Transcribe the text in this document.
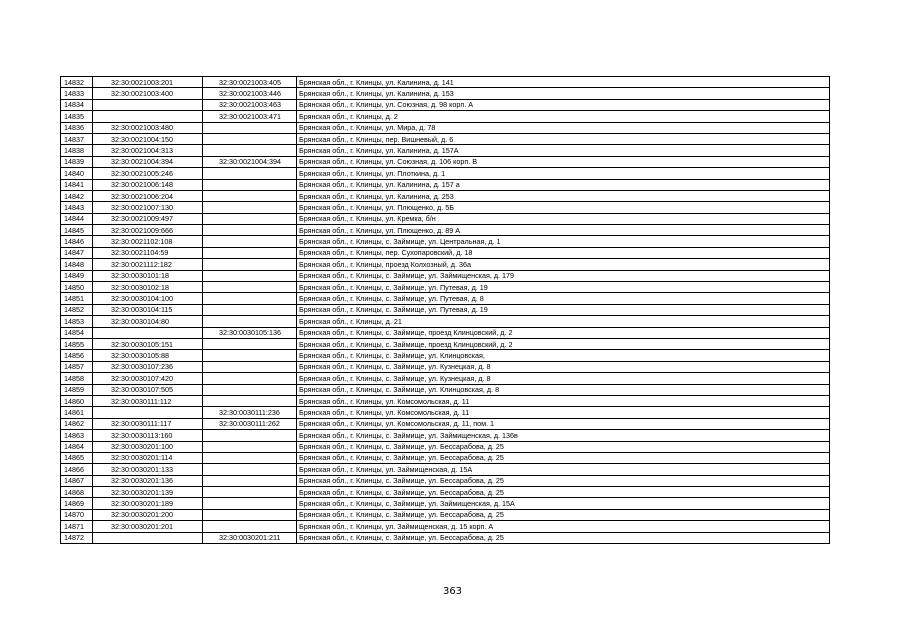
14832	32:30:0021003:201	32:30:0021003:405	Брянская обл., г. Клинцы, ул. Калинина, д. 141
14833	32:30:0021003:400	32:30:0021003:446	Брянская обл., г. Клинцы, ул. Калинина, д. 153
14834		32:30:0021003:463	Брянская обл., г. Клинцы, ул. Союзная, д. 98 корп. А
14835		32:30:0021003:471	Брянская обл., г. Клинцы, д. 2
14836	32:30:0021003:480		Брянская обл., г. Клинцы, ул. Мира, д. 78
14837	32:30:0021004:150		Брянская обл., г. Клинцы, пер. Вишневый, д. 6
14838	32:30:0021004:313		Брянская обл., г. Клинцы, ул. Калинина, д. 157А
14839	32:30:0021004:394	32:30:0021004:394	Брянская обл., г. Клинцы, ул. Союзная, д. 106 корп. В
14840	32:30:0021005:246		Брянская обл., г. Клинцы, ул. Плоткина, д. 1
14841	32:30:0021006:148		Брянская обл., г. Клинцы, ул. Калинина, д. 157 а
14842	32:30:0021006:204		Брянская обл., г. Клинцы, ул. Калинина, д. 253
14843	32:30:0021007:130		Брянская обл., г. Клинцы, ул. Плющенко, д. 5Б
14844	32:30:0021009:497		Брянская обл., г. Клинцы, ул. Кремка, б/н
14845	32:30:0021009:666		Брянская обл., г. Клинцы, ул. Плющенко, д. 89 А
14846	32:30:0021102:108		Брянская обл., г. Клинцы, с. Займище, ул. Центральная, д. 1
14847	32:30:0021104:59		Брянская обл., г. Клинцы, пер. Сухопаровский, д. 18
14848	32:30:0021112:182		Брянская обл., г. Клинцы, проезд Колхозный, д. 36а
14849	32:30:0030101:18		Брянская обл., г. Клинцы, с. Займище, ул. Займищенская, д. 179
14850	32:30:0030102:18		Брянская обл., г. Клинцы, с. Займище, ул. Путевая, д. 19
14851	32:30:0030104:100		Брянская обл., г. Клинцы, с. Займище, ул. Путевая, д. 8
14852	32:30:0030104:115		Брянская обл., г. Клинцы, с. Займище, ул. Путевая, д. 19
14853	32:30:0030104:80		Брянская обл., г. Клинцы, д. 21
14854		32:30:0030105:136	Брянская обл., г. Клинцы, с. Займище, проезд Клинцовский, д. 2
14855	32:30:0030105:151		Брянская обл., г. Клинцы, с. Займище, проезд Клинцовский, д. 2
14856	32:30:0030105:88		Брянская обл., г. Клинцы, с. Займище, ул. Клинцовская,
14857	32:30:0030107:236		Брянская обл., г. Клинцы, с. Займище, ул. Кузнецкая, д. 8
14858	32:30:0030107:420		Брянская обл., г. Клинцы, с. Займище, ул. Кузнецкая, д. 8
14859	32:30:0030107:505		Брянская обл., г. Клинцы, с. Займище, ул. Клинцовская, д. 8
14860	32:30:0030111:112		Брянская обл., г. Клинцы, ул. Комсомольская, д. 11
14861		32:30:0030111:236	Брянская обл., г. Клинцы, ул. Комсомольская, д. 11
14862	32:30:0030111:117	32:30:0030111:262	Брянская обл., г. Клинцы, ул. Комсомольская, д. 11, пом. 1
14863	32:30:0030113:160		Брянская обл., г. Клинцы, с. Займище, ул. Займищенская, д. 136в
14864	32:30:0030201:100		Брянская обл., г. Клинцы, с. Займище, ул. Бессарабова, д. 25
14865	32:30:0030201:114		Брянская обл., г. Клинцы, с. Займище, ул. Бессарабова, д. 25
14866	32:30:0030201:133		Брянская обл., г. Клинцы, ул. Займищенская, д. 15А
14867	32:30:0030201:136		Брянская обл., г. Клинцы, с. Займище, ул. Бессарабова, д. 25
14868	32:30:0030201:139		Брянская обл., г. Клинцы, с. Займище, ул. Бессарабова, д. 25
14869	32:30:0030201:189		Брянская обл., г. Клинцы, с. Займище, ул. Займищенская, д. 15А
14870	32:30:0030201:200		Брянская обл., г. Клинцы, с. Займище, ул. Бессарабова, д. 25
14871	32:30:0030201:201		Брянская обл., г. Клинцы, ул. Займищенская, д. 15 корп. А
14872		32:30:0030201:211	Брянская обл., г. Клинцы, с. Займище, ул. Бессарабова, д. 25
363
